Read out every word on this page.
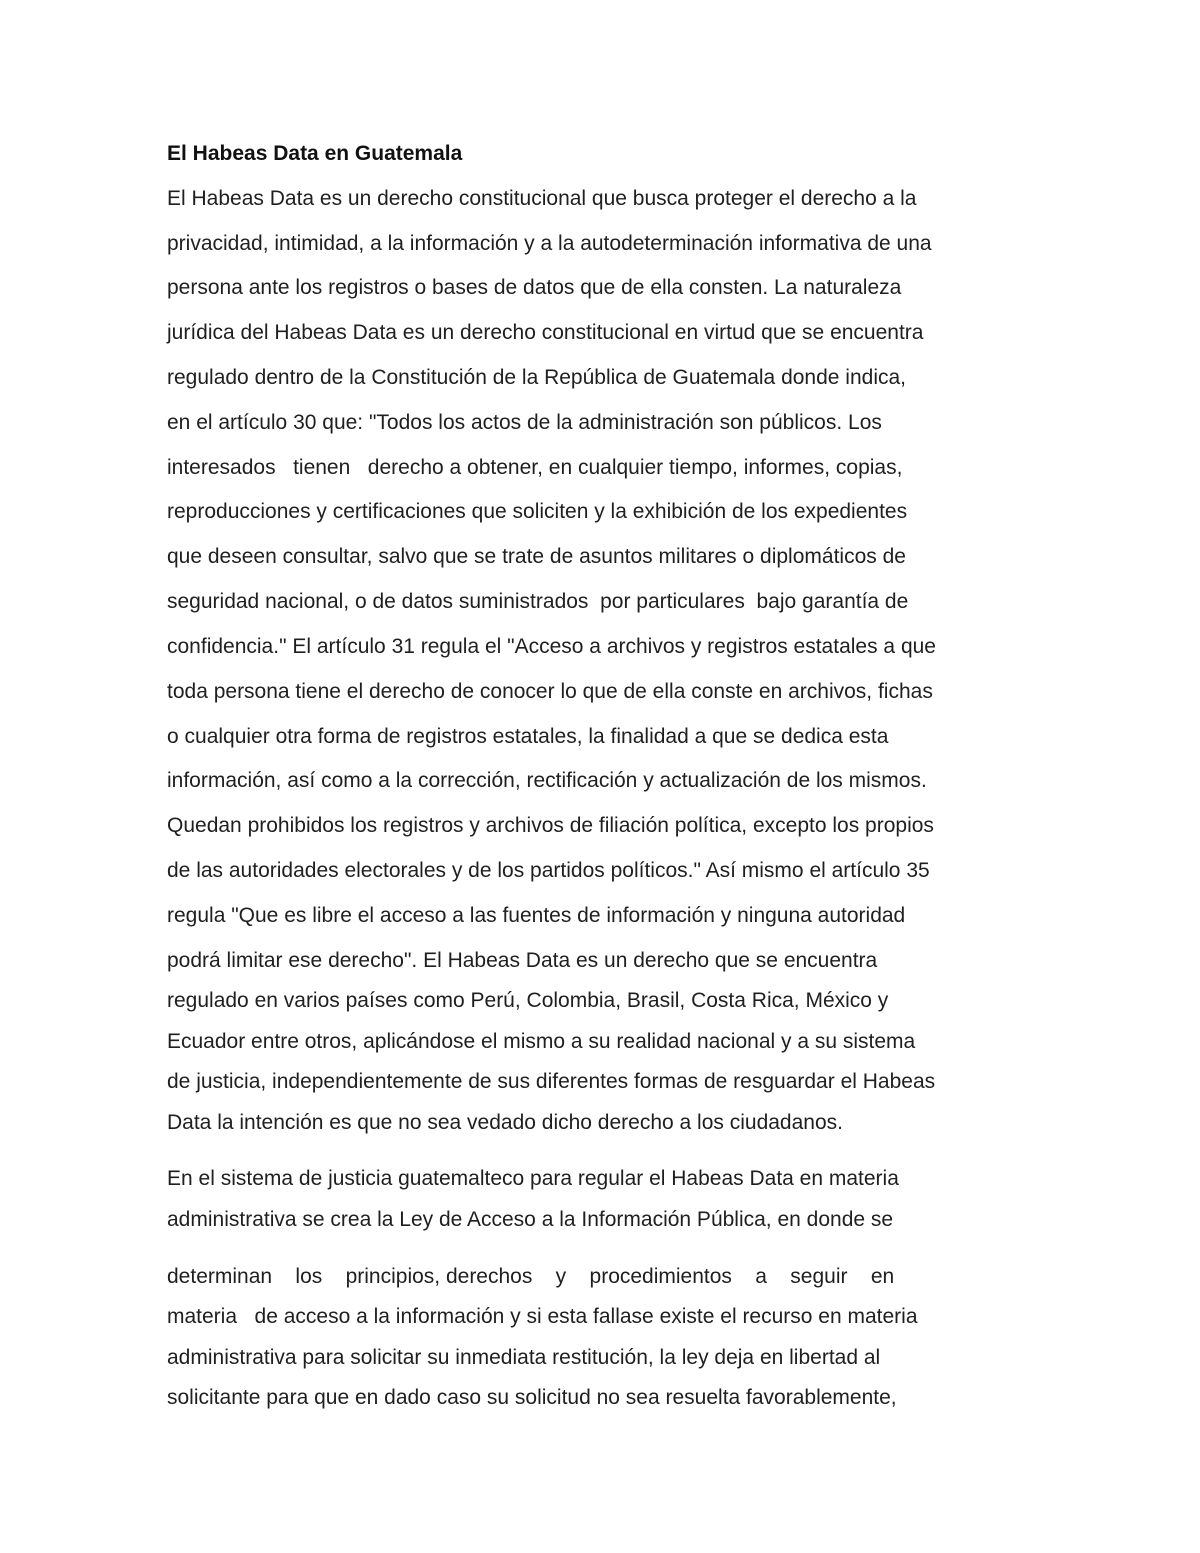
El Habeas Data en Guatemala

El Habeas Data es un derecho constitucional que busca proteger el derecho a la

privacidad, intimidad, a la información y a la autodeterminación informativa de una

persona ante los registros o bases de datos que de ella consten. La naturaleza

jurídica del Habeas Data es un derecho constitucional en virtud que se encuentra

regulado dentro de la Constitución de la República de Guatemala donde indica,

en el artículo 30 que: "Todos los actos de la administración son públicos. Los

interesados   tienen   derecho a obtener, en cualquier tiempo, informes, copias,

reproducciones y certificaciones que soliciten y la exhibición de los expedientes

que deseen consultar, salvo que se trate de asuntos militares o diplomáticos de

seguridad nacional, o de datos suministrados  por particulares  bajo garantía de

confidencia." El artículo 31 regula el "Acceso a archivos y registros estatales a que

toda persona tiene el derecho de conocer lo que de ella conste en archivos, fichas

o cualquier otra forma de registros estatales, la finalidad a que se dedica esta

información, así como a la corrección, rectificación y actualización de los mismos.

Quedan prohibidos los registros y archivos de filiación política, excepto los propios

de las autoridades electorales y de los partidos políticos." Así mismo el artículo 35

regula "Que es libre el acceso a las fuentes de información y ninguna autoridad

podrá limitar ese derecho". El Habeas Data es un derecho que se encuentra

regulado en varios países como Perú, Colombia, Brasil, Costa Rica, México y

Ecuador entre otros, aplicándose el mismo a su realidad nacional y a su sistema

de justicia, independientemente de sus diferentes formas de resguardar el Habeas

Data la intención es que no sea vedado dicho derecho a los ciudadanos.

En el sistema de justicia guatemalteco para regular el Habeas Data en materia

administrativa se crea la Ley de Acceso a la Información Pública, en donde se

determinan    los    principios, derechos    y    procedimientos    a    seguir    en

materia   de acceso a la información y si esta fallase existe el recurso en materia

administrativa para solicitar su inmediata restitución, la ley deja en libertad al

solicitante para que en dado caso su solicitud no sea resuelta favorablemente,
